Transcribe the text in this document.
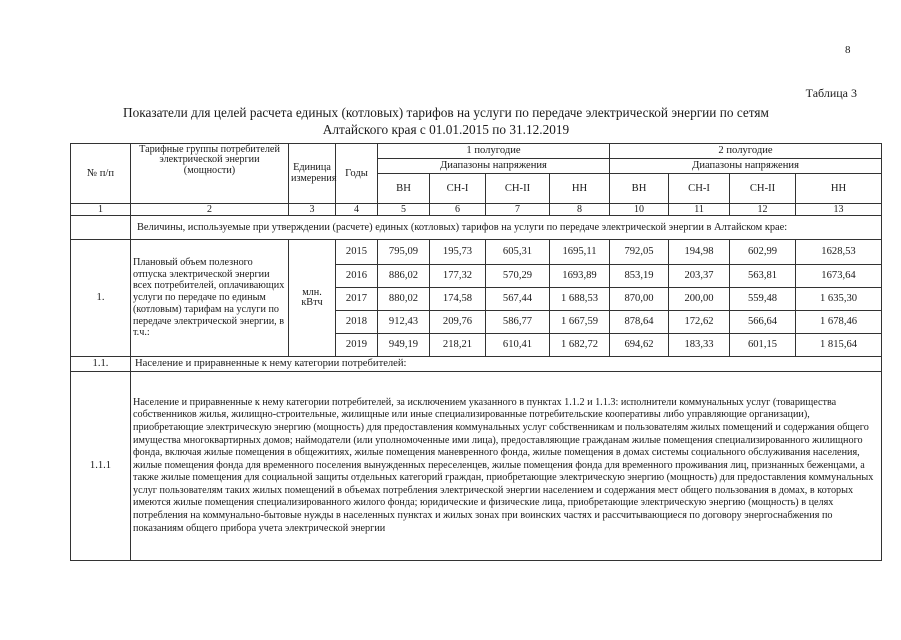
8
Таблица 3
Показатели для целей расчета единых (котловых) тарифов на услуги по передаче электрической энергии по сетям
Алтайского края с 01.01.2015 по 31.12.2019
№ п/п	Тарифные группы потребителей электрической энергии (мощности)	Единица измерения	Годы	1 полугодие				2 полугодие			
				Диапазоны напряжения				Диапазоны напряжения			
				ВН	СН-I	СН-II	НН	ВН	СН-I	СН-II	НН
1	2	3	4	5	6	7	8	10	11	12	13
	Величины, используемые при утверждении (расчете) единых (котловых) тарифов на услуги по передаче электрической энергии в Алтайском крае:										
1.	Плановый объем полезного отпуска электрической энергии всех потребителей, оплачивающих услуги по передаче по единым (котловым) тарифам на услуги по передаче электрической энергии, в т.ч.:	млн. кВтч	2015	795,09	195,73	605,31	1695,11	792,05	194,98	602,99	1628,53
			2016	886,02	177,32	570,29	1693,89	853,19	203,37	563,81	1673,64
			2017	880,02	174,58	567,44	1 688,53	870,00	200,00	559,48	1 635,30
			2018	912,43	209,76	586,77	1 667,59	878,64	172,62	566,64	1 678,46
			2019	949,19	218,21	610,41	1 682,72	694,62	183,33	601,15	1 815,64
1.1.	Население и приравненные к нему категории потребителей:										
1.1.1	Население и приравненные к нему категории потребителей, за исключением указанного в пунктах 1.1.2 и 1.1.3: исполнители коммунальных услуг (товарищества собственников жилья, жилищно-строительные, жилищные или иные специализированные потребительские кооперативы либо управляющие организации), приобретающие электрическую энергию (мощность) для предоставления коммунальных услуг собственникам и пользователям жилых помещений и содержания общего имущества многоквартирных домов; наймодатели (или уполномоченные ими лица), предоставляющие гражданам жилые помещения специализированного жилищного фонда, включая жилые помещения в общежитиях, жилые помещения маневренного фонда, жилые помещения в домах системы социального обслуживания населения, жилые помещения фонда для временного поселения вынужденных переселенцев, жилые помещения фонда для временного проживания лиц, признанных беженцами, а также жилые помещения для социальной защиты отдельных категорий граждан, приобретающие электрическую энергию (мощность) для предоставления коммунальных услуг пользователям таких жилых помещений в объемах потребления электрической энергии населением и содержания мест общего пользования в домах, в которых имеются жилые помещения специализированного жилого фонда; юридические и физические лица, приобретающие электрическую энергию (мощность) в целях потребления на коммунально-бытовые нужды в населенных пунктах и жилых зонах при воинских частях и рассчитывающиеся по договору энергоснабжения по показаниям общего прибора учета электрической энергии										
